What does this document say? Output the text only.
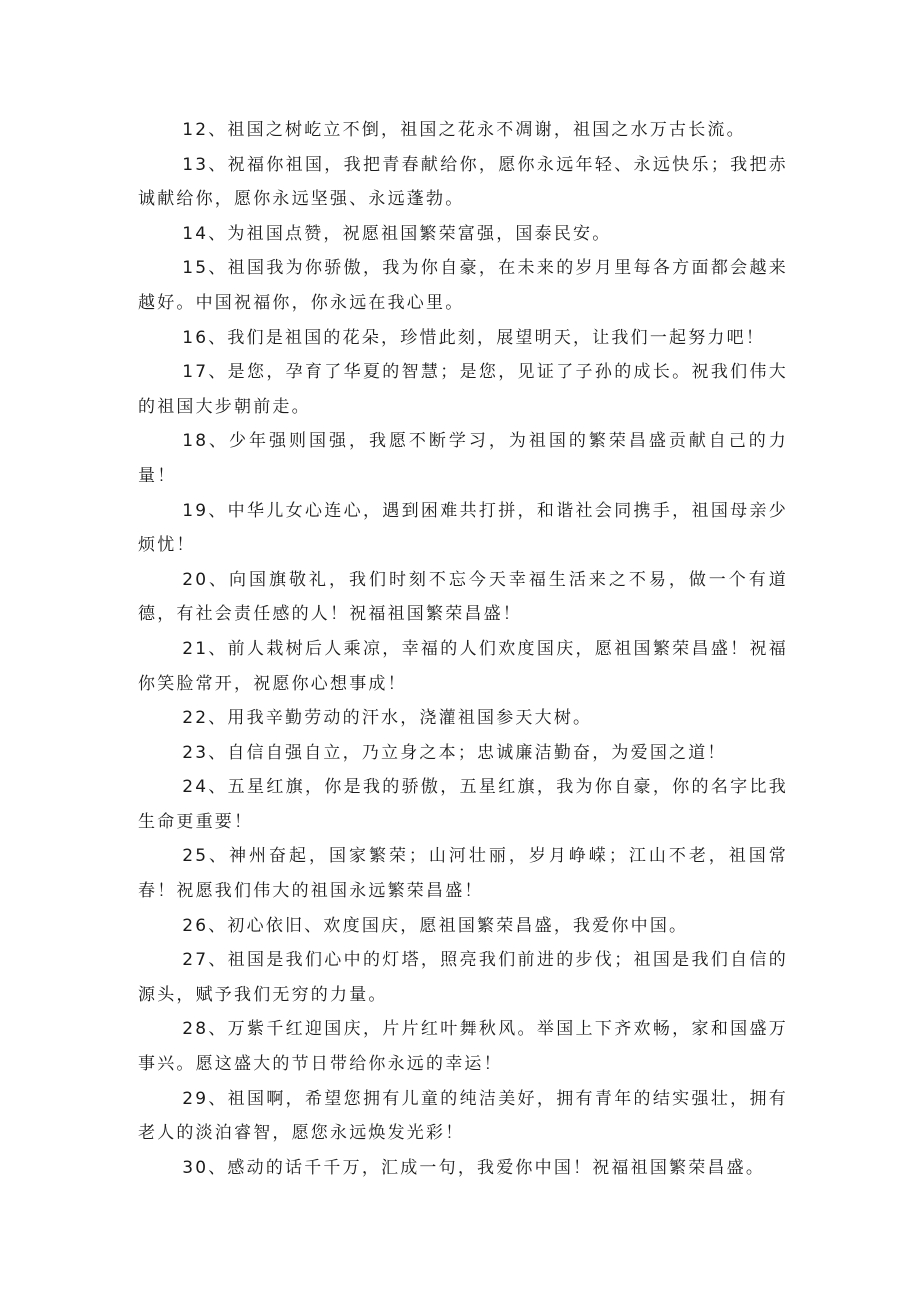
12、祖国之树屹立不倒，祖国之花永不凋谢，祖国之水万古长流。

13、祝福你祖国，我把青春献给你，愿你永远年轻、永远快乐；我把赤诚献给你，愿你永远坚强、永远蓬勃。

14、为祖国点赞，祝愿祖国繁荣富强，国泰民安。

15、祖国我为你骄傲，我为你自豪，在未来的岁月里每各方面都会越来越好。中国祝福你，你永远在我心里。

16、我们是祖国的花朵，珍惜此刻，展望明天，让我们一起努力吧！

17、是您，孕育了华夏的智慧；是您，见证了子孙的成长。祝我们伟大的祖国大步朝前走。

18、少年强则国强，我愿不断学习，为祖国的繁荣昌盛贡献自己的力量！

19、中华儿女心连心，遇到困难共打拼，和谐社会同携手，祖国母亲少烦忧！

20、向国旗敬礼，我们时刻不忘今天幸福生活来之不易，做一个有道德，有社会责任感的人！祝福祖国繁荣昌盛！

21、前人栽树后人乘凉，幸福的人们欢度国庆，愿祖国繁荣昌盛！祝福你笑脸常开，祝愿你心想事成！

22、用我辛勤劳动的汗水，浇灌祖国参天大树。

23、自信自强自立，乃立身之本；忠诚廉洁勤奋，为爱国之道！

24、五星红旗，你是我的骄傲，五星红旗，我为你自豪，你的名字比我生命更重要！

25、神州奋起，国家繁荣；山河壮丽，岁月峥嵘；江山不老，祖国常春！祝愿我们伟大的祖国永远繁荣昌盛！

26、初心依旧、欢度国庆，愿祖国繁荣昌盛，我爱你中国。

27、祖国是我们心中的灯塔，照亮我们前进的步伐；祖国是我们自信的源头，赋予我们无穷的力量。

28、万紫千红迎国庆，片片红叶舞秋风。举国上下齐欢畅，家和国盛万事兴。愿这盛大的节日带给你永远的幸运！

29、祖国啊，希望您拥有儿童的纯洁美好，拥有青年的结实强壮，拥有老人的淡泊睿智，愿您永远焕发光彩！

30、感动的话千千万，汇成一句，我爱你中国！祝福祖国繁荣昌盛。
